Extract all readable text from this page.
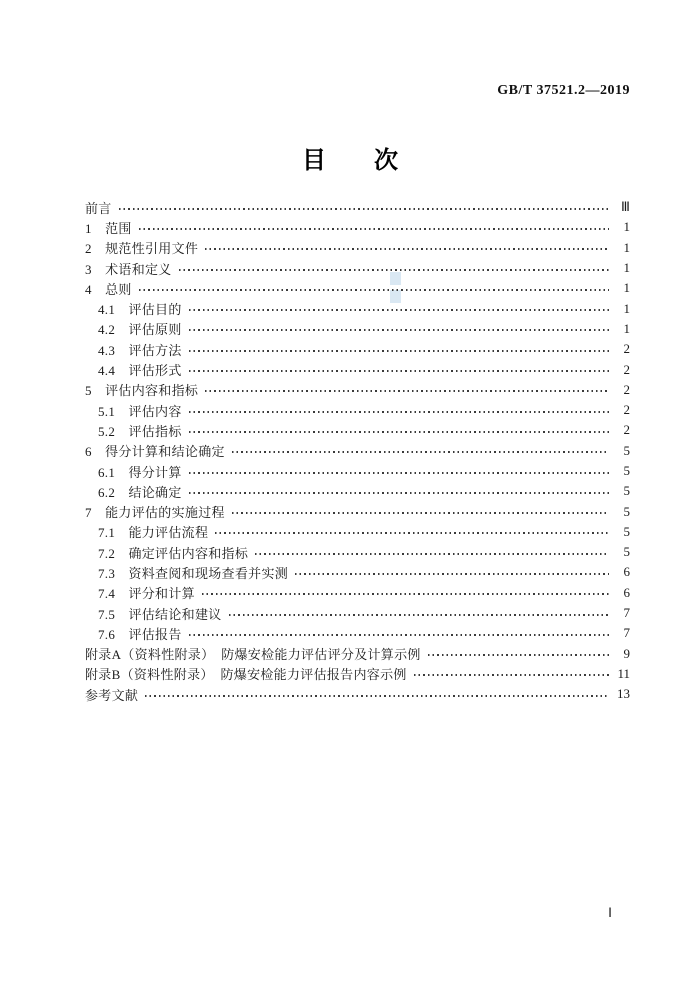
GB/T 37521.2—2019
目　　次

前言	Ⅲ
1　范围	1
2　规范性引用文件	1
3　术语和定义	1
4　总则	1
4.1　评估目的	1
4.2　评估原则	1
4.3　评估方法	2
4.4　评估形式	2
5　评估内容和指标	2
5.1　评估内容	2
5.2　评估指标	2
6　得分计算和结论确定	5
6.1　得分计算	5
6.2　结论确定	5
7　能力评估的实施过程	5
7.1　能力评估流程	5
7.2　确定评估内容和指标	5
7.3　资料查阅和现场查看并实测	6
7.4　评分和计算	6
7.5　评估结论和建议	7
7.6　评估报告	7
附录A（资料性附录）　防爆安检能力评估评分及计算示例	9
附录B（资料性附录）　防爆安检能力评估报告内容示例	11
参考文献	13
Ⅰ
